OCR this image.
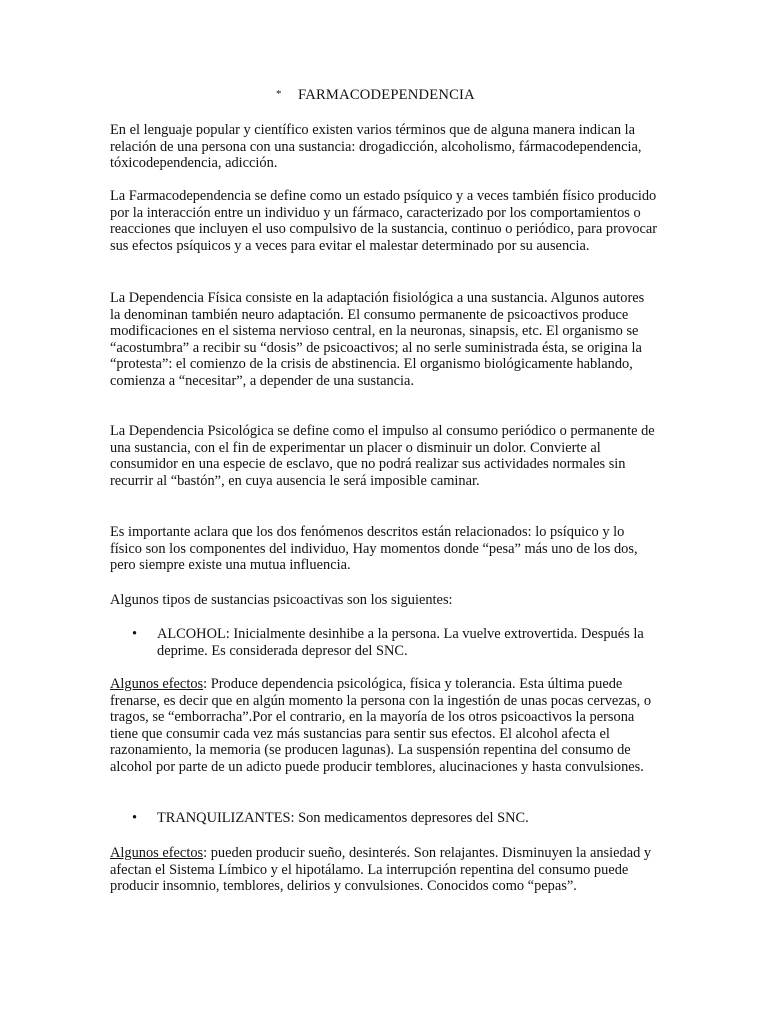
* FARMACODEPENDENCIA

En el lenguaje popular y científico existen varios términos que de alguna manera indican la relación de una persona con una sustancia: drogadicción, alcoholismo, fármacodependencia, tóxicodependencia, adicción.

La Farmacodependencia se define como un estado psíquico y a veces también físico producido por la interacción entre un individuo y un fármaco, caracterizado por los comportamientos o reacciones que incluyen el uso compulsivo de la sustancia, continuo o periódico, para provocar sus efectos psíquicos y a veces para evitar el malestar determinado por su ausencia.

La Dependencia Física consiste en la adaptación fisiológica a una sustancia. Algunos autores la denominan también neuro adaptación. El consumo permanente de psicoactivos produce modificaciones en el sistema nervioso central, en la neuronas, sinapsis, etc. El organismo se “acostumbra” a recibir su “dosis” de psicoactivos; al no serle suministrada ésta, se origina la “protesta”: el comienzo de la crisis de abstinencia. El organismo biológicamente hablando, comienza a “necesitar”, a depender de una sustancia.

La Dependencia Psicológica se define como el impulso al consumo periódico o permanente de una sustancia, con el fin de experimentar un placer o disminuir un dolor. Convierte al consumidor en una especie de esclavo, que no podrá realizar sus actividades normales sin recurrir al “bastón”, en cuya ausencia le será imposible caminar.

Es importante aclara que los dos fenómenos descritos están relacionados: lo psíquico y lo físico son los componentes del individuo, Hay momentos donde “pesa” más uno de los dos, pero siempre existe una mutua influencia.

Algunos tipos de sustancias psicoactivas son los siguientes:

•	ALCOHOL: Inicialmente desinhibe a la persona. La vuelve extrovertida. Después la deprime. Es considerada depresor del SNC.

Algunos efectos: Produce dependencia psicológica, física y tolerancia. Esta última puede frenarse, es decir que en algún momento la persona con la ingestión de unas pocas cervezas, o tragos, se “emborracha”.Por el contrario, en la mayoría de los otros psicoactivos la persona tiene que consumir cada vez más sustancias para sentir sus efectos. El alcohol afecta el razonamiento, la memoria (se producen lagunas). La suspensión repentina del consumo de alcohol por parte de un adicto puede producir temblores, alucinaciones y hasta convulsiones.

•	TRANQUILIZANTES: Son medicamentos depresores del SNC.

Algunos efectos: pueden producir sueño, desinterés. Son relajantes. Disminuyen la ansiedad y afectan el Sistema Límbico y el hipotálamo. La interrupción repentina del consumo puede producir insomnio, temblores, delirios y convulsiones. Conocidos como “pepas”.
